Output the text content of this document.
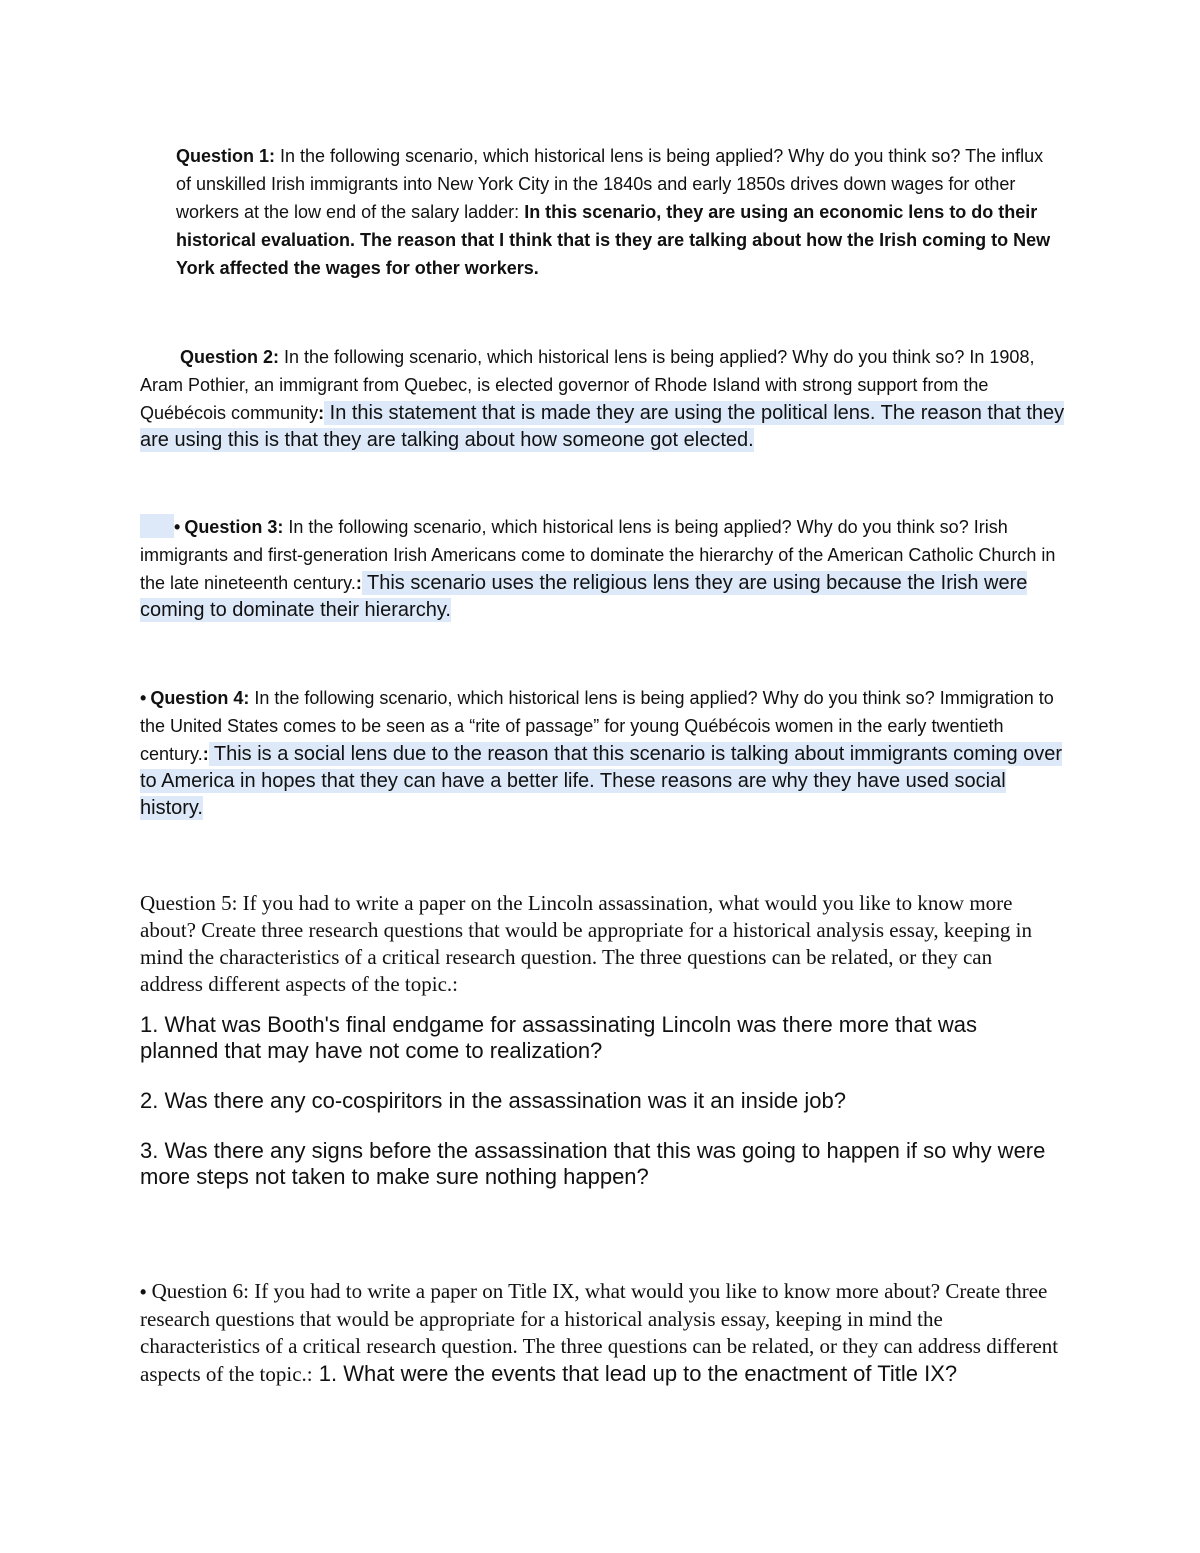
Question 1: In the following scenario, which historical lens is being applied? Why do you think so? The influx of unskilled Irish immigrants into New York City in the 1840s and early 1850s drives down wages for other workers at the low end of the salary ladder: In this scenario, they are using an economic lens to do their historical evaluation. The reason that I think that is they are talking about how the Irish coming to New York affected the wages for other workers.

Question 2: In the following scenario, which historical lens is being applied? Why do you think so? In 1908, Aram Pothier, an immigrant from Quebec, is elected governor of Rhode Island with strong support from the Québécois community: In this statement that is made they are using the political lens. The reason that they are using this is that they are talking about how someone got elected.

• Question 3: In the following scenario, which historical lens is being applied? Why do you think so? Irish immigrants and first-generation Irish Americans come to dominate the hierarchy of the American Catholic Church in the late nineteenth century.: This scenario uses the religious lens they are using because the Irish were coming to dominate their hierarchy.

• Question 4: In the following scenario, which historical lens is being applied? Why do you think so? Immigration to the United States comes to be seen as a “rite of passage” for young Québécois women in the early twentieth century.: This is a social lens due to the reason that this scenario is talking about immigrants coming over to America in hopes that they can have a better life. These reasons are why they have used social history.

Question 5: If you had to write a paper on the Lincoln assassination, what would you like to know more about? Create three research questions that would be appropriate for a historical analysis essay, keeping in mind the characteristics of a critical research question. The three questions can be related, or they can address different aspects of the topic.:

1. What was Booth's final endgame for assassinating Lincoln was there more that was planned that may have not come to realization?

2. Was there any co-cospiritors in the assassination was it an inside job?

3. Was there any signs before the assassination that this was going to happen if so why were more steps not taken to make sure nothing happen?

• Question 6: If you had to write a paper on Title IX, what would you like to know more about? Create three research questions that would be appropriate for a historical analysis essay, keeping in mind the characteristics of a critical research question. The three questions can be related, or they can address different aspects of the topic.: 1. What were the events that lead up to the enactment of Title IX?
